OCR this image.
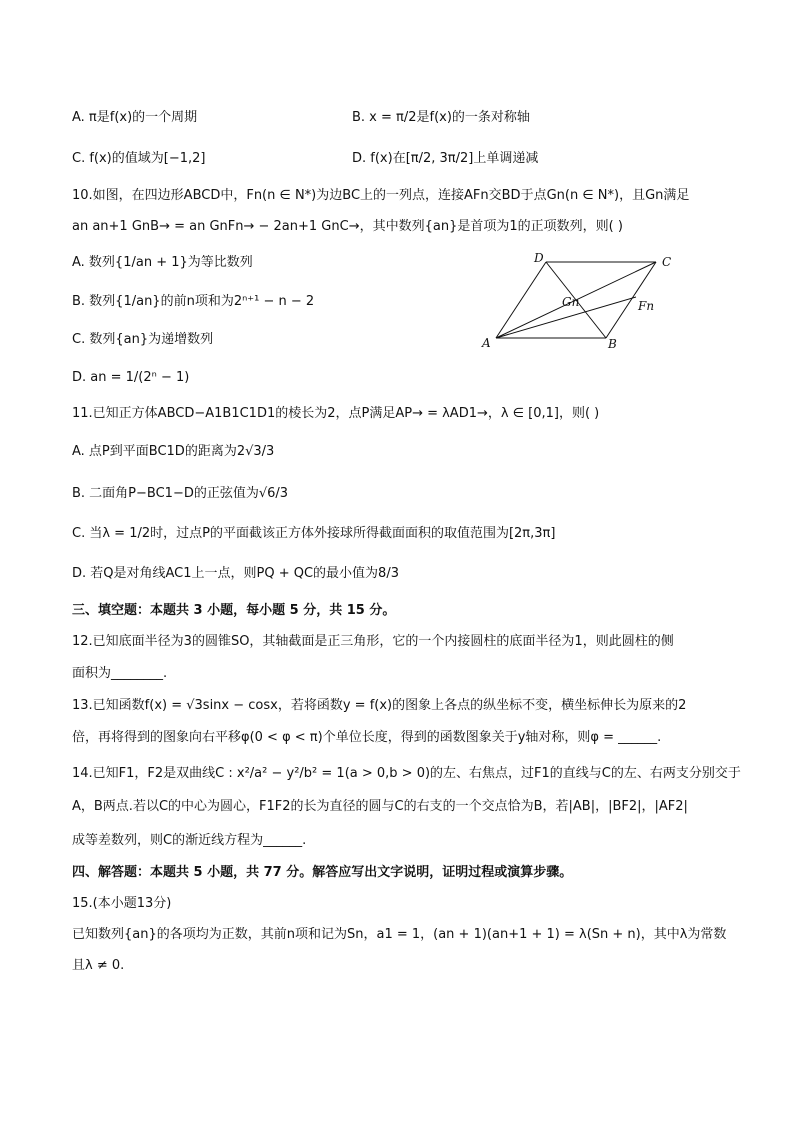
A. π是f(x)的一个周期	B. x = π/2是f(x)的一条对称轴
C. f(x)的值域为[−1,2]	D. f(x)在[π/2, 3π/2]上单调递减
10.如图，在四边形ABCD中，Fn(n ∈ N*)为边BC上的一列点，连接AFn交BD于点Gn(n ∈ N*)，且Gn满足
an an+1 GnB→ = an GnFn→ − 2an+1 GnC→，其中数列{an}是首项为1的正项数列，则( )
A. 数列{1/an + 1}为等比数列
B. 数列{1/an}的前n项和为2ⁿ⁺¹ − n − 2
C. 数列{an}为递增数列
D. an = 1/(2ⁿ − 1)
A	B
C
D
Gn	Fn
11.已知正方体ABCD−A1B1C1D1的棱长为2，点P满足AP→ = λAD1→，λ ∈ [0,1]，则( )
A. 点P到平面BC1D的距离为2√3/3
B. 二面角P−BC1−D的正弦值为√6/3
C. 当λ = 1/2时，过点P的平面截该正方体外接球所得截面面积的取值范围为[2π,3π]
D. 若Q是对角线AC1上一点，则PQ + QC的最小值为8/3
三、填空题：本题共 3 小题，每小题 5 分，共 15 分。
12.已知底面半径为3的圆锥SO，其轴截面是正三角形，它的一个内接圆柱的底面半径为1，则此圆柱的侧
面积为________.
13.已知函数f(x) = √3sinx − cosx，若将函数y = f(x)的图象上各点的纵坐标不变，横坐标伸长为原来的2
倍，再将得到的图象向右平移φ(0 < φ < π)个单位长度，得到的函数图象关于y轴对称，则φ = ______.
14.已知F1，F2是双曲线C : x²/a² − y²/b² = 1(a > 0,b > 0)的左、右焦点，过F1的直线与C的左、右两支分别交于
A，B两点.若以C的中心为圆心，F1F2的长为直径的圆与C的右支的一个交点恰为B，若|AB|，|BF2|，|AF2|
成等差数列，则C的渐近线方程为______.
四、解答题：本题共 5 小题，共 77 分。解答应写出文字说明，证明过程或演算步骤。
15.(本小题13分)
已知数列{an}的各项均为正数，其前n项和记为Sn，a1 = 1，(an + 1)(an+1 + 1) = λ(Sn + n)，其中λ为常数
且λ ≠ 0.
